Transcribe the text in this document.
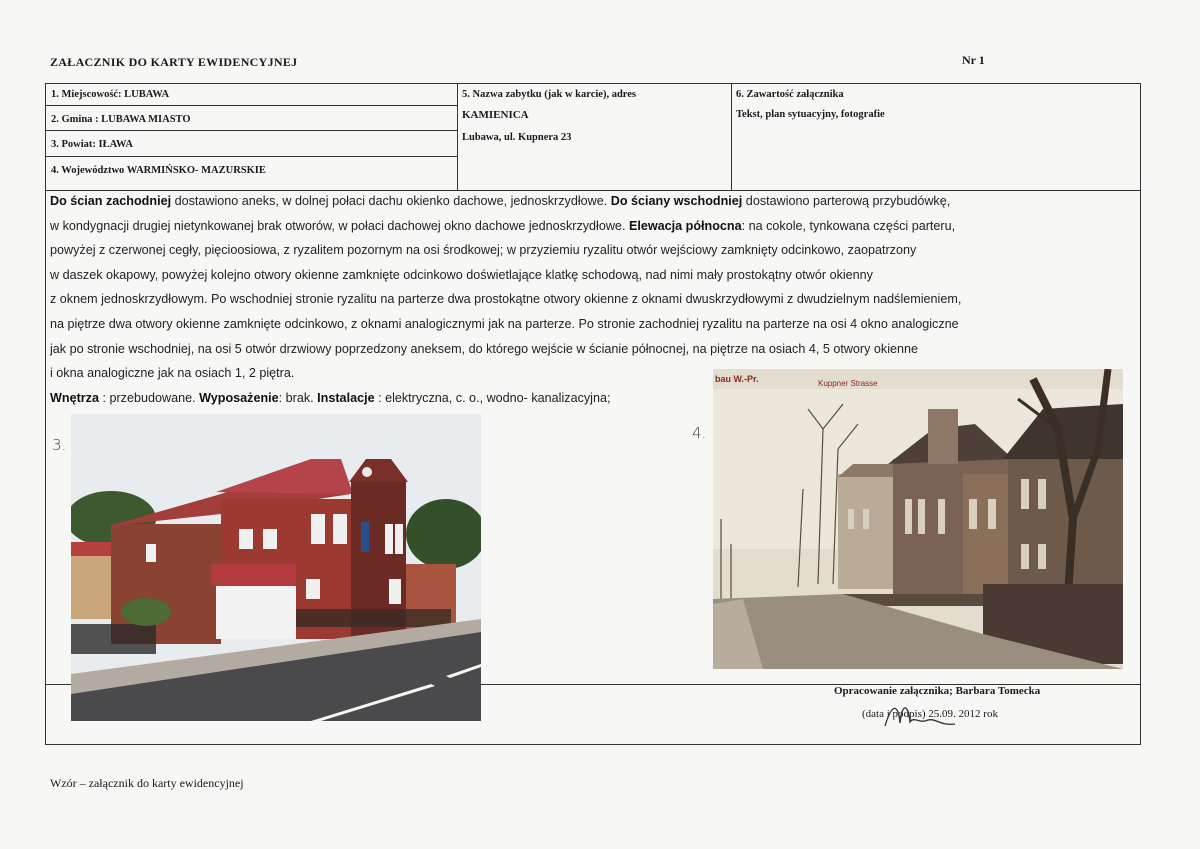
ZAŁACZNIK DO KARTY EWIDENCYJNEJ	Nr 1
1. Miejscowość: LUBAWA
2. Gmina : LUBAWA MIASTO
3. Powiat: IŁAWA
4. Województwo WARMIŃSKO- MAZURSKIE
5. Nazwa zabytku (jak w karcie), adres
KAMIENICA
Lubawa, ul. Kupnera 23
6. Zawartość załącznika
Tekst, plan sytuacyjny, fotografie

Do ścian zachodniej dostawiono aneks, w dolnej połaci dachu okienko dachowe, jednoskrzydłowe. Do ściany wschodniej dostawiono parterową przybudówkę,

w kondygnacji drugiej nietynkowanej brak otworów, w połaci dachowej okno dachowe jednoskrzydłowe. Elewacja północna: na cokole, tynkowana części parteru,

powyżej z czerwonej cegły, pięcioosiowa, z ryzalitem pozornym na osi środkowej; w przyziemiu ryzalitu otwór wejściowy zamknięty odcinkowo, zaopatrzony

w daszek okapowy, powyżej kolejno otwory okienne zamknięte odcinkowo doświetlające klatkę schodową, nad nimi mały prostokątny otwór okienny

z oknem jednoskrzydłowym. Po wschodniej stronie ryzalitu na parterze dwa prostokątne otwory okienne z oknami dwuskrzydłowymi z dwudzielnym nadślemieniem,

na piętrze dwa otwory okienne zamknięte odcinkowo, z oknami analogicznymi jak na parterze. Po stronie zachodniej ryzalitu na parterze na osi 4 okno analogiczne

jak po stronie wschodniej, na osi 5 otwór drzwiowy poprzedzony aneksem, do którego wejście w ścianie północnej, na piętrze na osiach 4, 5 otwory okienne

i okna analogiczne jak na osiach 1, 2 piętra.

Wnętrza : przebudowane. Wyposażenie: brak. Instalacje : elektryczna, c. o., wodno- kanalizacyjna;

3.
4.
bau W.-Pr.	Kuppner Strasse
Opracowanie załącznika; Barbara Tomecka
(data i podpis) 25.09. 2012 rok
Wzór – załącznik do karty ewidencyjnej
